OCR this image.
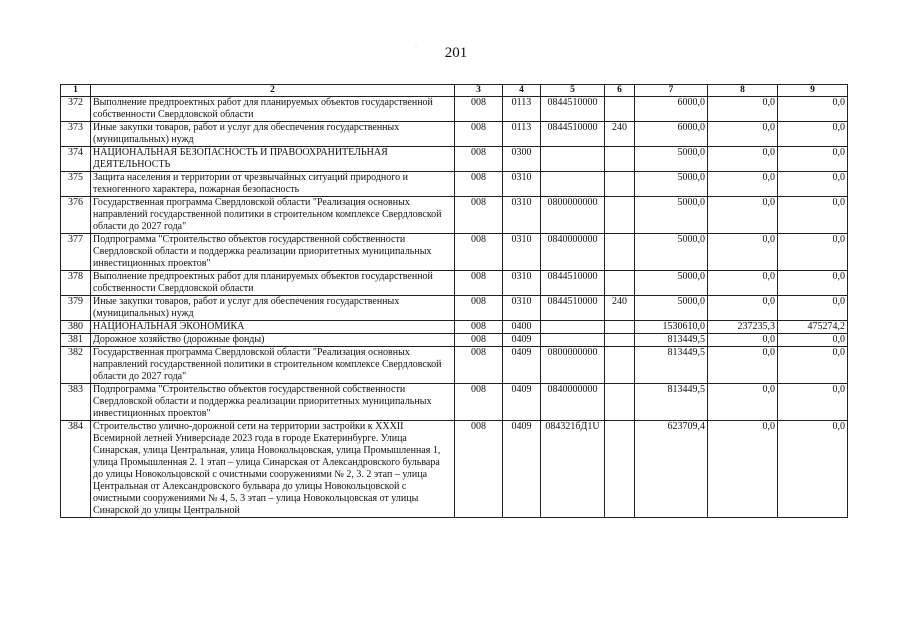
201
·
1	2	3	4	5	6	7	8	9
372	Выполнение предпроектных работ для планируемых объектов государственной собственности Свердловской области	008	0113	0844510000		6000,0	0,0	0,0
373	Иные закупки товаров, работ и услуг для обеспечения государственных (муниципальных) нужд	008	0113	0844510000	240	6000,0	0,0	0,0
374	НАЦИОНАЛЬНАЯ БЕЗОПАСНОСТЬ И ПРАВООХРАНИТЕЛЬНАЯ ДЕЯТЕЛЬНОСТЬ	008	0300			5000,0	0,0	0,0
375	Защита населения и территории от чрезвычайных ситуаций природного и техногенного характера, пожарная безопасность	008	0310			5000,0	0,0	0,0
376	Государственная программа Свердловской области "Реализация основных направлений государственной политики в строительном комплексе Свердловской области до 2027 года"	008	0310	0800000000		5000,0	0,0	0,0
377	Подпрограмма "Строительство объектов государственной собственности Свердловской области и поддержка реализации приоритетных муниципальных инвестиционных проектов"	008	0310	0840000000		5000,0	0,0	0,0
378	Выполнение предпроектных работ для планируемых объектов государственной собственности Свердловской области	008	0310	0844510000		5000,0	0,0	0,0
379	Иные закупки товаров, работ и услуг для обеспечения государственных (муниципальных) нужд	008	0310	0844510000	240	5000,0	0,0	0,0
380	НАЦИОНАЛЬНАЯ ЭКОНОМИКА	008	0400			1530610,0	237235,3	475274,2
381	Дорожное хозяйство (дорожные фонды)	008	0409			813449,5	0,0	0,0
382	Государственная программа Свердловской области "Реализация основных направлений государственной политики в строительном комплексе Свердловской области до 2027 года"	008	0409	0800000000		813449,5	0,0	0,0
383	Подпрограмма "Строительство объектов государственной собственности Свердловской области и поддержка реализации приоритетных муниципальных инвестиционных проектов"	008	0409	0840000000		813449,5	0,0	0,0
384	Строительство улично-дорожной сети на территории застройки к XXXII Всемирной летней Универсиаде 2023 года в городе Екатеринбурге. Улица Синарская, улица Центральная, улица Новокольцовская, улица Промышленная 1, улица Промышленная 2. 1 этап – улица Синарская от Александровского бульвара до улицы Новокольцовской с очистными сооружениями № 2, 3. 2 этап – улица Центральная от Александровского бульвара до улицы Новокольцовской с очистными сооружениями № 4, 5. 3 этап – улица Новокольцовская от улицы Синарской до улицы Центральной	008	0409	084321бД1U		623709,4	0,0	0,0
